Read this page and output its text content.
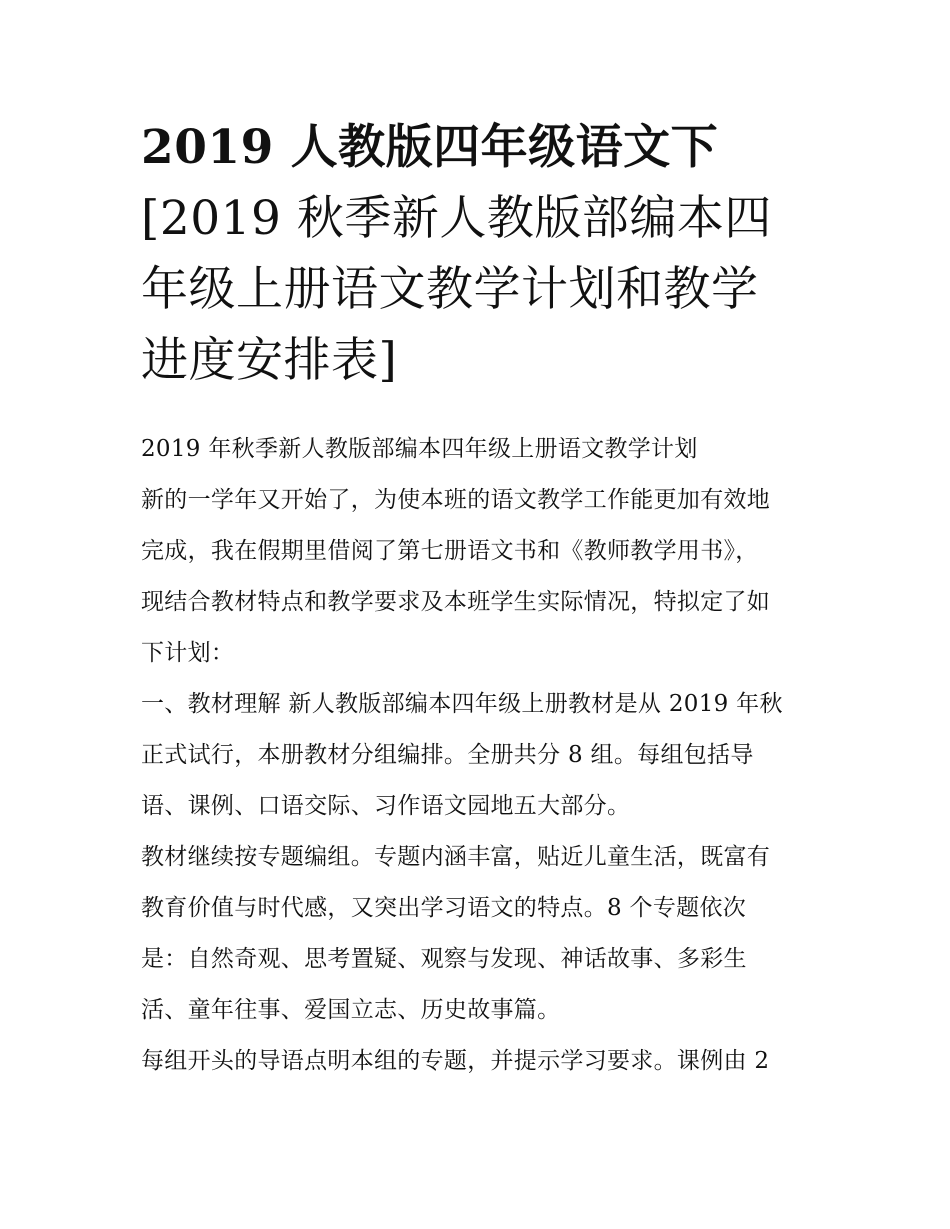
2019 人教版四年级语文下
[2019 秋季新人教版部编本四
年级上册语文教学计划和教学
进度安排表]

2019 年秋季新人教版部编本四年级上册语文教学计划

新的一学年又开始了，为使本班的语文教学工作能更加有效地

完成，我在假期里借阅了第七册语文书和《教师教学用书》，

现结合教材特点和教学要求及本班学生实际情况，特拟定了如

下计划：

一、教材理解 新人教版部编本四年级上册教材是从 2019 年秋

正式试行，本册教材分组编排。全册共分 8 组。每组包括导

语、课例、口语交际、习作语文园地五大部分。

教材继续按专题编组。专题内涵丰富，贴近儿童生活，既富有

教育价值与时代感，又突出学习语文的特点。8 个专题依次

是：自然奇观、思考置疑、观察与发现、神话故事、多彩生

活、童年往事、爱国立志、历史故事篇。

每组开头的导语点明本组的专题，并提示学习要求。课例由 2
